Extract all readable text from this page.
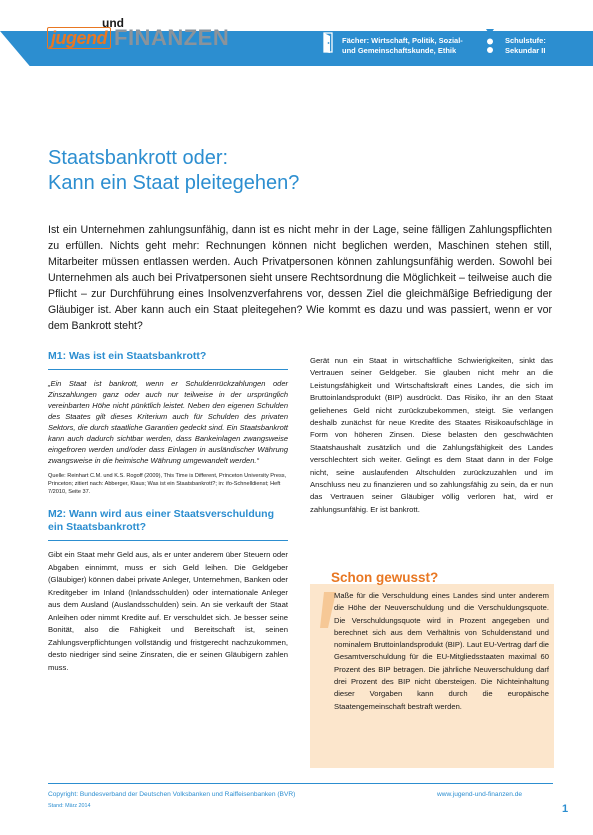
und
jugend FINANZEN	Fächer: Wirtschaft, Politik, Sozial-
und Gemeinschaftskunde, Ethik
Schulstufe:
Sekundar II
Staatsbankrott oder:
Kann ein Staat pleitegehen?

Ist ein Unternehmen zahlungsunfähig, dann ist es nicht mehr in der Lage, seine fälligen Zahlungspflichten zu erfüllen. Nichts geht mehr: Rechnungen können nicht beglichen werden, Maschinen stehen still, Mitarbeiter müssen entlassen werden. Auch Privatpersonen können zahlungsunfähig werden. Sowohl bei Unternehmen als auch bei Privatpersonen sieht unsere Rechtsordnung die Möglichkeit – teilweise auch die Pflicht – zur Durchführung eines Insolvenzverfahrens vor, dessen Ziel die gleichmäßige Befriedigung der Gläubiger ist. Aber kann auch ein Staat pleitegehen? Wie kommt es dazu und was passiert, wenn er vor dem Bankrott steht?

M1: Was ist ein Staatsbankrott?

„Ein Staat ist bankrott, wenn er Schuldenrückzahlungen oder Zinszahlungen ganz oder auch nur teilweise in der ursprünglich vereinbarten Höhe nicht pünktlich leistet. Neben den eigenen Schulden des Staates gilt dieses Kriterium auch für Schulden des privaten Sektors, die durch staatliche Garantien gedeckt sind. Ein Staatsbankrott kann auch dadurch sichtbar werden, dass Bankeinlagen zwangsweise eingefroren werden und/oder dass Einlagen in ausländischer Währung zwangsweise in die heimische Währung umgewandelt werden.“

Quelle: Reinhart C.M. und K.S. Rogoff (2009), This Time is Different, Princeton University Press, Princeton; zitiert nach: Abberger, Klaus; Was ist ein Staatsbankrott?; in: ifo-Schnelldienst; Heft 7/2010, Seite 37.

M2: Wann wird aus einer Staatsverschuldung ein Staatsbankrott?

Gibt ein Staat mehr Geld aus, als er unter anderem über Steuern oder Abgaben einnimmt, muss er sich Geld leihen. Die Geldgeber (Gläubiger) können dabei private Anleger, Unternehmen, Banken oder Kreditgeber im Inland (Inlandsschulden) oder internationale Anleger aus dem Ausland (Auslandsschulden) sein. An sie verkauft der Staat Anleihen oder nimmt Kredite auf. Er verschuldet sich. Je besser seine Bonität, also die Fähigkeit und Bereitschaft ist, seinen Zahlungsverpflichtungen vollständig und fristgerecht nachzukommen, desto niedriger sind seine Zinsraten, die er seinen Gläubigern zahlen muss.

Gerät nun ein Staat in wirtschaftliche Schwierigkeiten, sinkt das Vertrauen seiner Geldgeber. Sie glauben nicht mehr an die Leistungsfähigkeit und Wirtschaftskraft eines Landes, die sich im Bruttoinlandsprodukt (BIP) ausdrückt. Das Risiko, ihr an den Staat geliehenes Geld nicht zurückzubekommen, steigt. Sie verlangen deshalb zunächst für neue Kredite des Staates Risikoaufschläge in Form von höheren Zinsen. Diese belasten den geschwächten Staatshaushalt zusätzlich und die Zahlungsfähigkeit des Landes verschlechtert sich weiter. Gelingt es dem Staat dann in der Folge nicht, seine auslaufenden Altschulden zurückzuzahlen und im Anschluss neu zu finanzieren und so zahlungsfähig zu sein, da er nun das Vertrauen seiner Gläubiger völlig verloren hat, wird er zahlungsunfähig. Er ist bankrott.

Schon gewusst?

Maße für die Verschuldung eines Landes sind unter anderem die Höhe der Neuverschuldung und die Verschuldungsquote. Die Verschuldungsquote wird in Prozent angegeben und berechnet sich aus dem Verhältnis von Schuldenstand und nominalem Bruttoinlandsprodukt (BIP). Laut EU-Vertrag darf die Gesamtverschuldung für die EU-Mitgliedsstaaten maximal 60 Prozent des BIP betragen. Die jährliche Neuverschuldung darf drei Prozent des BIP nicht übersteigen. Die Nichteinhaltung dieser Vorgaben kann durch die europäische Staatengemeinschaft bestraft werden.

Copyright: Bundesverband der Deutschen Volksbanken und Raiffeisenbanken (BVR)
Stand: März 2014
www.jugend-und-finanzen.de
1
